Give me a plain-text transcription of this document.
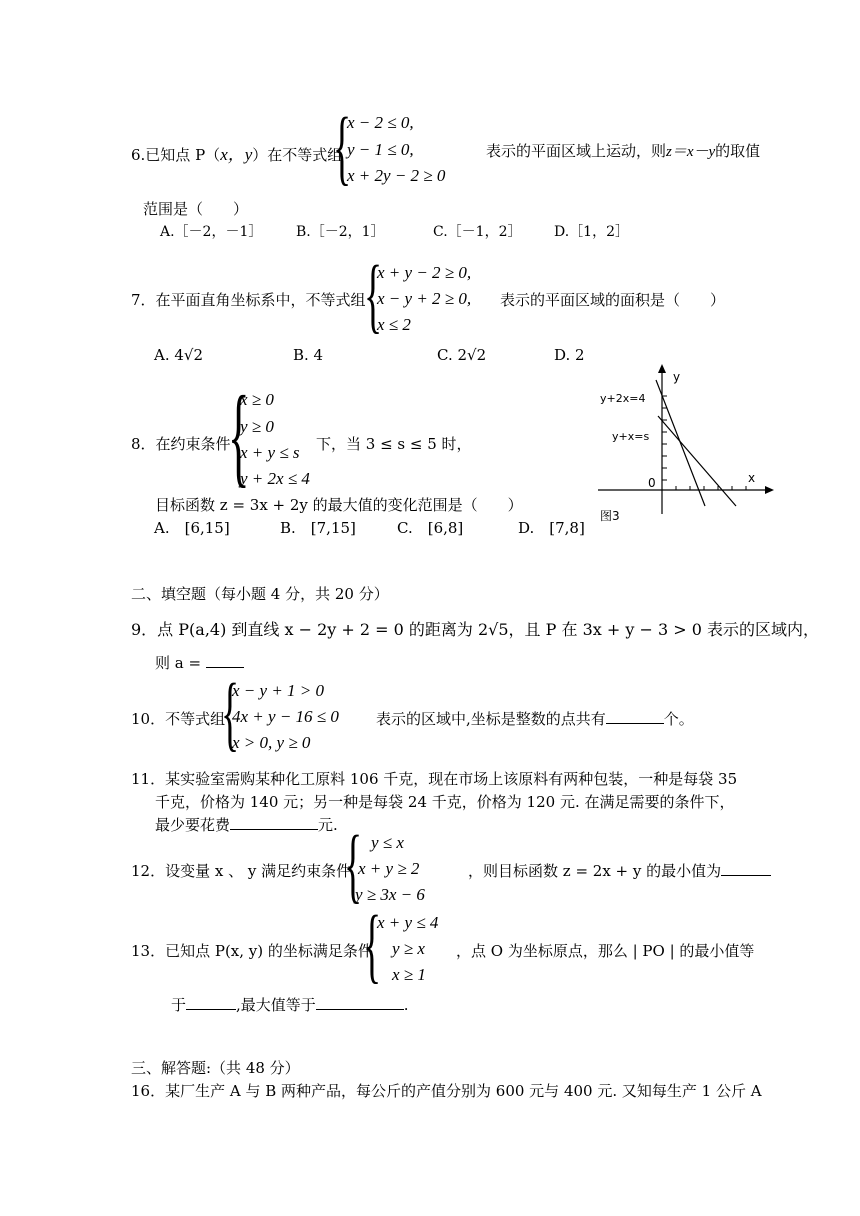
6.已知点 P（x，y）在不等式组
{
x − 2 ≤ 0,
y − 1 ≤ 0,
x + 2y − 2 ≥ 0
表示的平面区域上运动，则z＝x－y的取值
范围是（　　）
A.［－2，－1］ B.［－2，1］	C.［－1，2］ D.［1，2］
7．在平面直角坐标系中，不等式组
{
x + y − 2 ≥ 0,
x − y + 2 ≥ 0,
x ≤ 2
表示的平面区域的面积是（　　）
A. 4√2	B. 4	C. 2√2	D. 2
8．在约束条件
{
x ≥ 0
y ≥ 0
x + y ≤ s
y + 2x ≤ 4
下，当 3 ≤ s ≤ 5 时，
目标函数 z = 3x + 2y 的最大值的变化范围是（　　）
A.　[6,15]	B.　[7,15]	C.　[6,8]	D.　[7,8]
y+2x=4
y+x=s
y
x
0
图3
二、填空题（每小题 4 分，共 20 分）
9．点 P(a,4) 到直线 x − 2y + 2 = 0 的距离为 2√5，且 P 在 3x + y − 3 > 0 表示的区域内，
则 a =
10．不等式组
{
x − y + 1 > 0
4x + y − 16 ≤ 0
x > 0, y ≥ 0
表示的区域中,坐标是整数的点共有	个。
11．某实验室需购某种化工原料 106 千克，现在市场上该原料有两种包装，一种是每袋 35
千克，价格为 140 元；另一种是每袋 24 千克，价格为 120 元. 在满足需要的条件下，
最少要花费	元.
12．设变量 x 、 y 满足约束条件
{ y ≤ x
x + y ≥ 2
y ≥ 3x − 6
，则目标函数 z = 2x + y 的最小值为
13．已知点 P(x, y) 的坐标满足条件
{
x + y ≤ 4
y ≥ x
x ≥ 1
，点 O 为坐标原点，那么 | PO | 的最小值等
于	,最大值等于	.
三、解答题:（共 48 分）
16．某厂生产 A 与 B 两种产品，每公斤的产值分别为 600 元与 400 元. 又知每生产 1 公斤 A
